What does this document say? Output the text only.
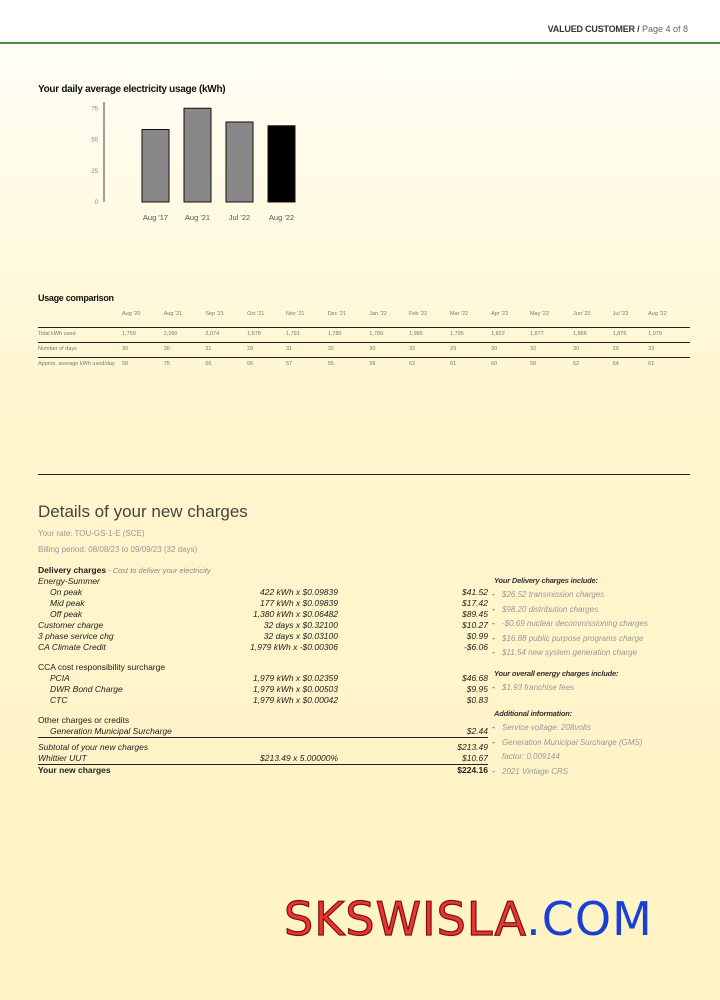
VALUED CUSTOMER / Page 4 of 8
Your daily average electricity usage (kWh)
0
25
50
75
Aug '17 Aug '21 Jul '22 Aug '22
Usage comparison
	Aug '20	Aug '21	Sep '21	Oct '21	Nov '21	Dec '21	Jan '22	Feb '22	Mar '22	Apr '22	May '22	Jun '22	Jul '22	Aug '22
Total kWh used	1,759	2,260	2,074	1,678	1,791	1,780	1,789	1,985	1,795	1,822	1,877	1,866	1,876	1,979
Number of days	30	30	31	29	31	32	30	32	29	30	32	30	29	32
Approx. average kWh used/day	58	75	66	56	57	55	59	62	61	60	58	62	64	61
Details of your new charges
Your rate: TOU-GS-1-E (SCE)
Billing period: 08/08/23 to 09/09/23 (32 days)
Delivery charges - Cost to deliver your electricity
Energy-Summer
On peak	422 kWh x $0.09839	$41.52
Mid peak	177 kWh x $0.09839	$17.42
Off peak	1,380 kWh x $0.06482	$89.45
Customer charge	32 days x $0.32100	$10.27
3 phase service chg	32 days x $0.03100	$0.99
CA Climate Credit	1,979 kWh x -$0.00306	-$6.06
CCA cost responsibility surcharge
PCIA	1,979 kWh x $0.02359	$46.68
DWR Bond Charge	1,979 kWh x $0.00503	$9.95
CTC	1,979 kWh x $0.00042	$0.83
Other charges or credits
Generation Municipal Surcharge	$2.44
Subtotal of your new charges	$213.49
Whittier UUT	$213.49 x 5.00000%	$10.67
Your new charges	$224.16
Your Delivery charges include:
- $26.52 transmission charges
- $98.20 distribution charges
- -$0.69 nuclear decommissioning charges
- $16.88 public purpose programs charge
- $11.54 new system generation charge
Your overall energy charges include:
- $1.93 franchise fees
Additional information:
- Service voltage: 208volts
- Generation Municipal Surcharge (GMS) factor: 0.009144
- 2021 Vintage CRS
SKSWISLA.COM
